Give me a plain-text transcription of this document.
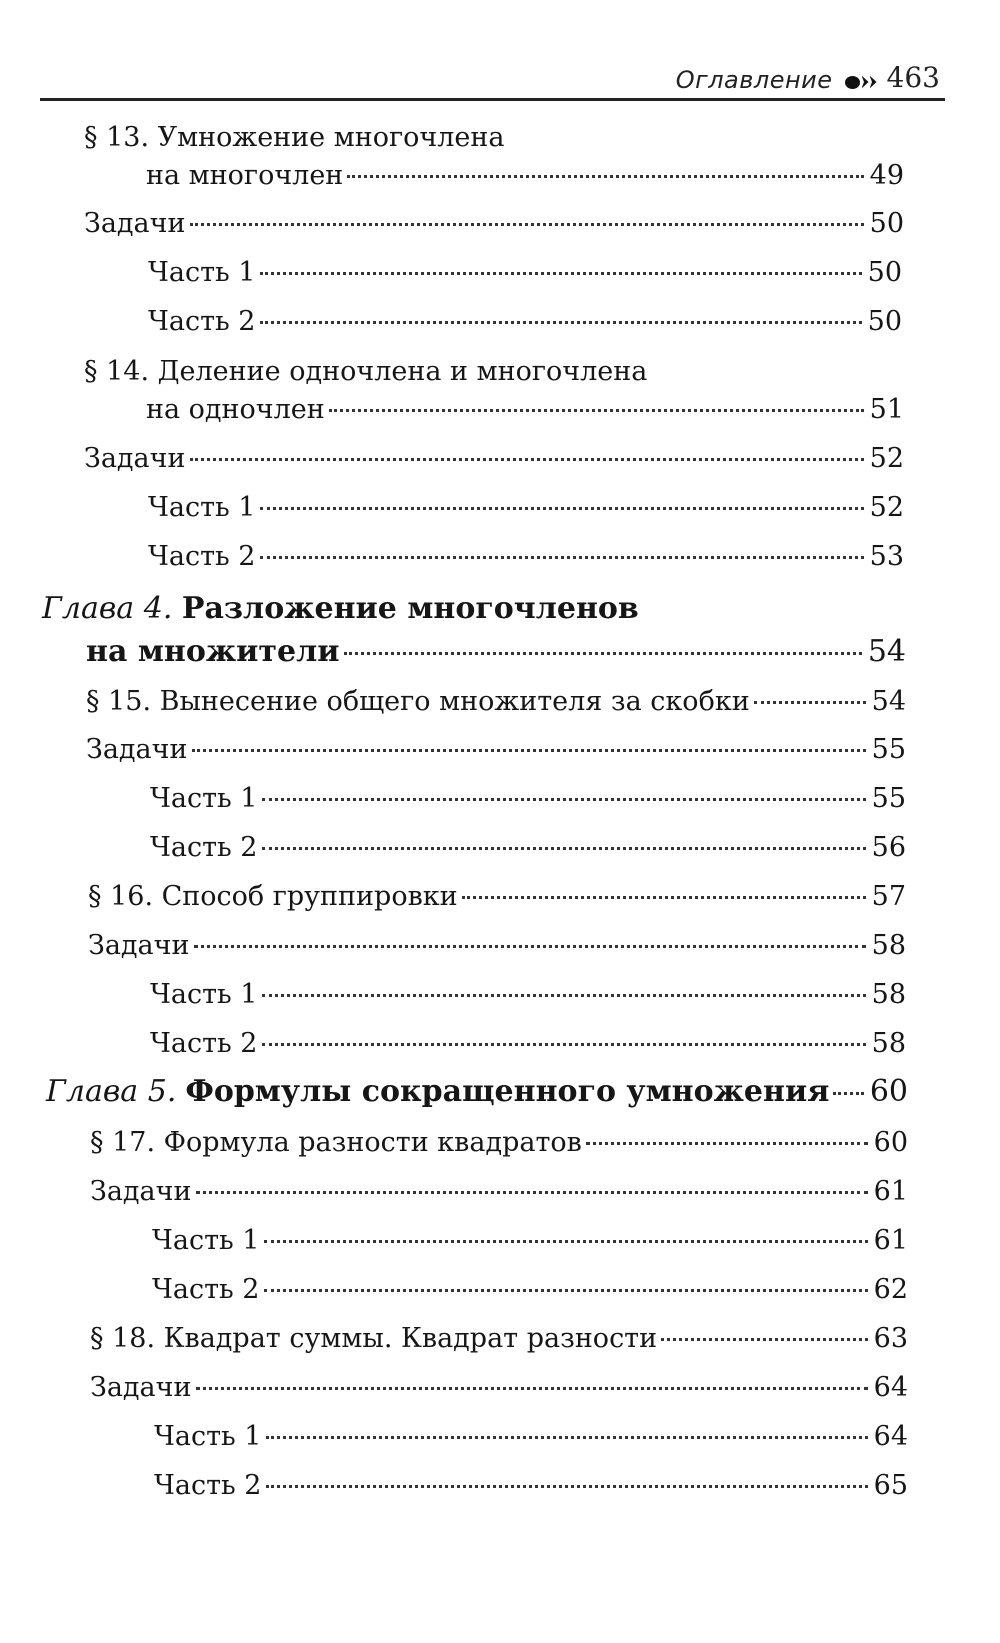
Оглавление 463
§ 13. Умножение многочлена
на многочлен	49
Задачи	50
Часть 1	50
Часть 2	50
§ 14. Деление одночлена и многочлена
на одночлен	51
Задачи	52
Часть 1	52
Часть 2	53
Глава 4. Разложение многочленов
на множители	54
§ 15. Вынесение общего множителя за скобки	54
Задачи	55
Часть 1	55
Часть 2	56
§ 16. Способ группировки	57
Задачи	58
Часть 1	58
Часть 2	58
Глава 5. Формулы сокращенного умножения 60
§ 17. Формула разности квадратов	60
Задачи	61
Часть 1	61
Часть 2	62
§ 18. Квадрат суммы. Квадрат разности	63
Задачи	64
Часть 1	64
Часть 2	65
